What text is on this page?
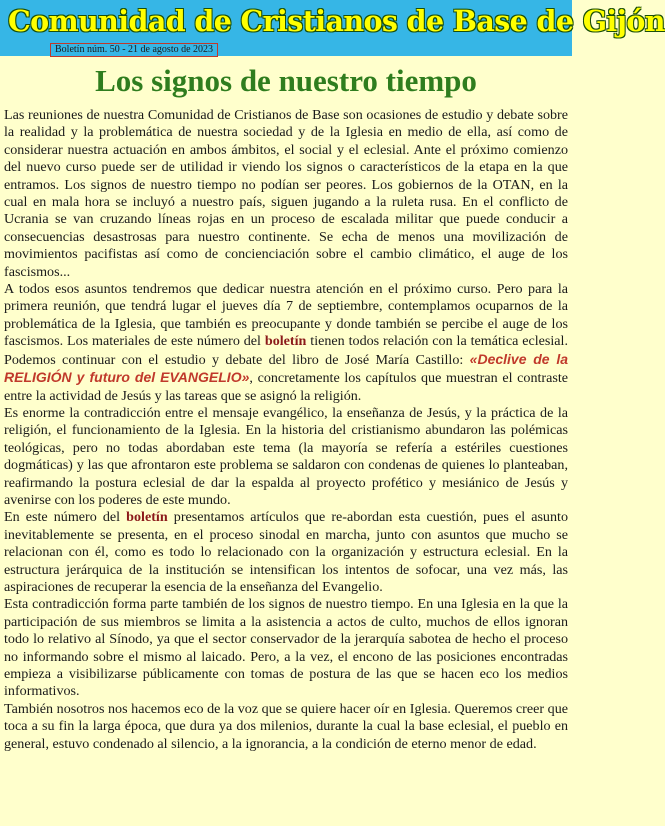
Comunidad de Cristianos de Base de Gijón
Boletín núm. 50 - 21 de agosto de 2023
Los signos de nuestro tiempo

Las reuniones de nuestra Comunidad de Cristianos de Base son ocasiones de estudio y debate sobre la realidad y la problemática de nuestra sociedad y de la Iglesia en medio de ella, así como de considerar nuestra actuación en ambos ámbitos, el social y el eclesial. Ante el próximo comienzo del nuevo curso puede ser de utilidad ir viendo los signos o característicos de la etapa en la que entramos. Los signos de nuestro tiempo no podían ser peores. Los gobiernos de la OTAN, en la cual en mala hora se incluyó a nuestro país, siguen jugando a la ruleta rusa. En el conflicto de Ucrania se van cruzando líneas rojas en un proceso de escalada militar que puede conducir a consecuencias desastrosas para nuestro continente. Se echa de menos una movilización de movimientos pacifistas así como de concienciación sobre el cambio climático, el auge de los fascismos...

A todos esos asuntos tendremos que dedicar nuestra atención en el próximo curso. Pero para la primera reunión, que tendrá lugar el jueves día 7 de septiembre, contemplamos ocuparnos de la problemática de la Iglesia, que también es preocupante y donde también se percibe el auge de los fascismos. Los materiales de este número del boletín tienen todos relación con la temática eclesial. Podemos continuar con el estudio y debate del libro de José María Castillo: «Declive de la RELIGIÓN y futuro del EVANGELIO», concretamente los capítulos que muestran el contraste entre la actividad de Jesús y las tareas que se asignó la religión.

Es enorme la contradicción entre el mensaje evangélico, la enseñanza de Jesús, y la práctica de la religión, el funcionamiento de la Iglesia. En la historia del cristianismo abundaron las polémicas teológicas, pero no todas abordaban este tema (la mayoría se refería a estériles cuestiones dogmáticas) y las que afrontaron este problema se saldaron con condenas de quienes lo planteaban, reafirmando la postura eclesial de dar la espalda al proyecto profético y mesiánico de Jesús y avenirse con los poderes de este mundo.

En este número del boletín presentamos artículos que re-abordan esta cuestión, pues el asunto inevitablemente se presenta, en el proceso sinodal en marcha, junto con asuntos que mucho se relacionan con él, como es todo lo relacionado con la organización y estructura eclesial. En la estructura jerárquica de la institución se intensifican los intentos de sofocar, una vez más, las aspiraciones de recuperar la esencia de la enseñanza del Evangelio.

Esta contradicción forma parte también de los signos de nuestro tiempo. En una Iglesia en la que la participación de sus miembros se limita a la asistencia a actos de culto, muchos de ellos ignoran todo lo relativo al Sínodo, ya que el sector conservador de la jerarquía sabotea de hecho el proceso no informando sobre el mismo al laicado. Pero, a la vez, el encono de las posiciones encontradas empieza a visibilizarse públicamente con tomas de postura de las que se hacen eco los medios informativos.

También nosotros nos hacemos eco de la voz que se quiere hacer oír en Iglesia. Queremos creer que toca a su fin la larga época, que dura ya dos milenios, durante la cual la base eclesial, el pueblo en general, estuvo condenado al silencio, a la ignorancia, a la condición de eterno menor de edad.
